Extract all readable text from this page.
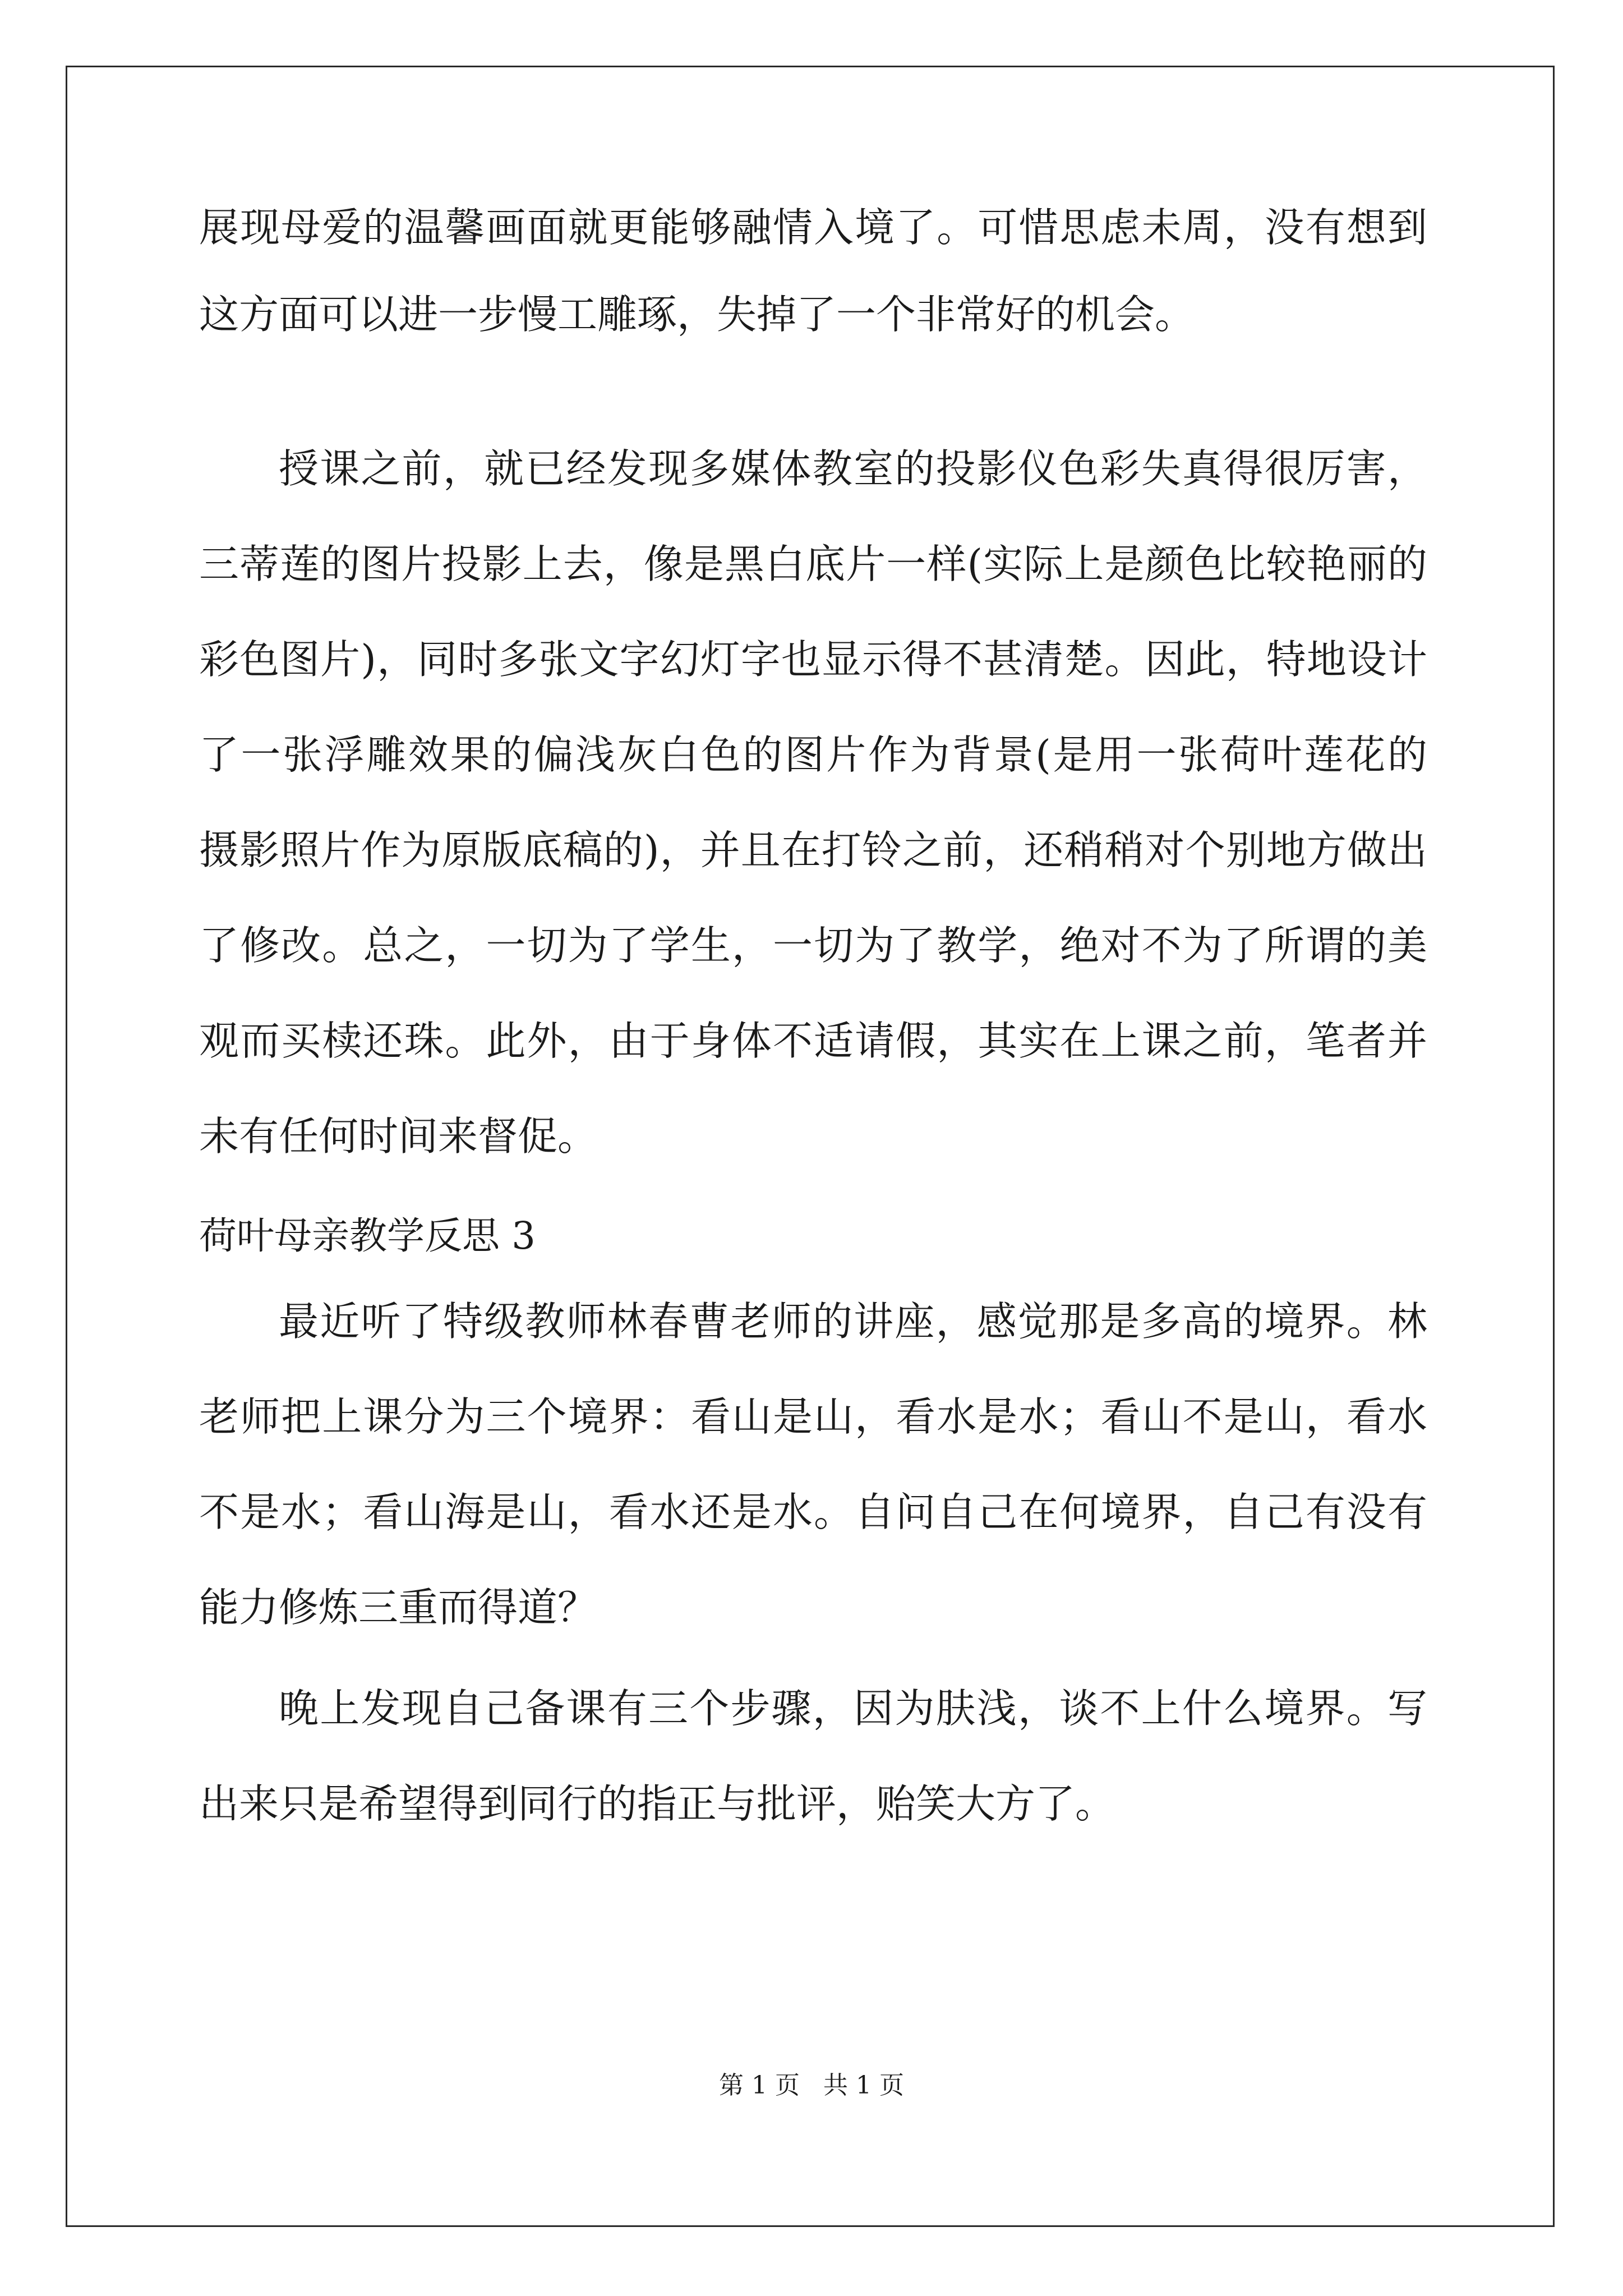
展现母爱的温馨画面就更能够融情入境了。可惜思虑未周，没有想到

这方面可以进一步慢工雕琢，失掉了一个非常好的机会。

授课之前，就已经发现多媒体教室的投影仪色彩失真得很厉害，

三蒂莲的图片投影上去，像是黑白底片一样(实际上是颜色比较艳丽的

彩色图片)，同时多张文字幻灯字也显示得不甚清楚。因此，特地设计

了一张浮雕效果的偏浅灰白色的图片作为背景(是用一张荷叶莲花的

摄影照片作为原版底稿的)，并且在打铃之前，还稍稍对个别地方做出

了修改。总之，一切为了学生，一切为了教学，绝对不为了所谓的美

观而买椟还珠。此外，由于身体不适请假，其实在上课之前，笔者并

未有任何时间来督促。

荷叶母亲教学反思 3

最近听了特级教师林春曹老师的讲座，感觉那是多高的境界。林

老师把上课分为三个境界：看山是山，看水是水；看山不是山，看水

不是水；看山海是山，看水还是水。自问自己在何境界，自己有没有

能力修炼三重而得道？

晚上发现自己备课有三个步骤，因为肤浅，谈不上什么境界。写

出来只是希望得到同行的指正与批评，贻笑大方了。

第 1 页   共 1 页
